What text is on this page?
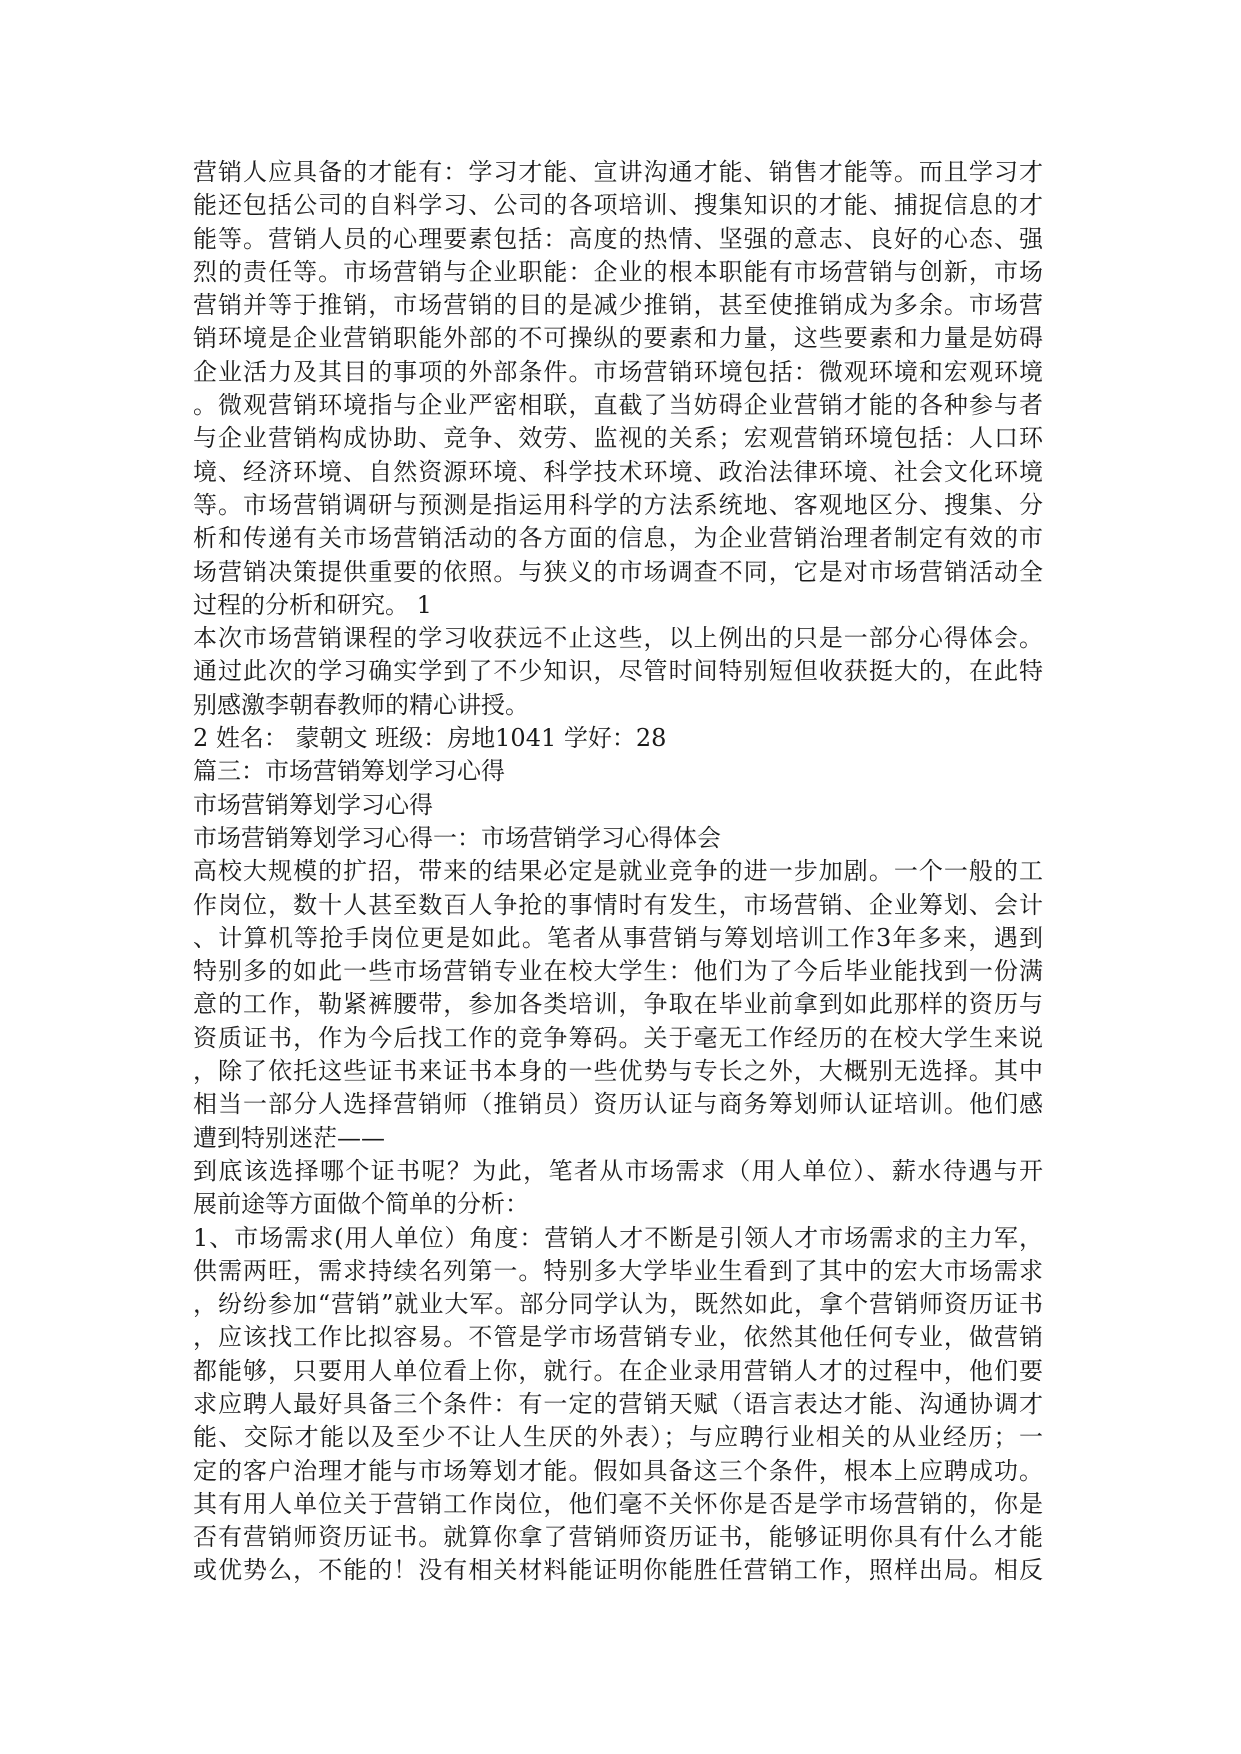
营销人应具备的才能有：学习才能、宣讲沟通才能、销售才能等。而且学习才
能还包括公司的自料学习、公司的各项培训、搜集知识的才能、捕捉信息的才
能等。营销人员的心理要素包括：高度的热情、坚强的意志、良好的心态、强
烈的责任等。市场营销与企业职能：企业的根本职能有市场营销与创新，市场
营销并等于推销，市场营销的目的是减少推销，甚至使推销成为多余。市场营
销环境是企业营销职能外部的不可操纵的要素和力量，这些要素和力量是妨碍
企业活力及其目的事项的外部条件。市场营销环境包括：微观环境和宏观环境
。微观营销环境指与企业严密相联，直截了当妨碍企业营销才能的各种参与者
与企业营销构成协助、竞争、效劳、监视的关系；宏观营销环境包括：人口环
境、经济环境、自然资源环境、科学技术环境、政治法律环境、社会文化环境
等。市场营销调研与预测是指运用科学的方法系统地、客观地区分、搜集、分
析和传递有关市场营销活动的各方面的信息，为企业营销治理者制定有效的市
场营销决策提供重要的依照。与狭义的市场调查不同，它是对市场营销活动全
过程的分析和研究。 1
本次市场营销课程的学习收获远不止这些，以上例出的只是一部分心得体会。
通过此次的学习确实学到了不少知识，尽管时间特别短但收获挺大的，在此特
别感激李朝春教师的精心讲授。
2 姓名： 蒙朝文 班级：房地1041 学好：28
篇三：市场营销筹划学习心得
市场营销筹划学习心得
市场营销筹划学习心得一：市场营销学习心得体会
高校大规模的扩招，带来的结果必定是就业竞争的进一步加剧。一个一般的工
作岗位，数十人甚至数百人争抢的事情时有发生，市场营销、企业筹划、会计
、计算机等抢手岗位更是如此。笔者从事营销与筹划培训工作3年多来，遇到
特别多的如此一些市场营销专业在校大学生：他们为了今后毕业能找到一份满
意的工作，勒紧裤腰带，参加各类培训，争取在毕业前拿到如此那样的资历与
资质证书，作为今后找工作的竞争筹码。关于毫无工作经历的在校大学生来说
，除了依托这些证书来证书本身的一些优势与专长之外，大概别无选择。其中
相当一部分人选择营销师（推销员）资历认证与商务筹划师认证培训。他们感
遭到特别迷茫——
到底该选择哪个证书呢？为此，笔者从市场需求（用人单位）、薪水待遇与开
展前途等方面做个简单的分析：
1、市场需求(用人单位）角度：营销人才不断是引领人才市场需求的主力军，
供需两旺，需求持续名列第一。特别多大学毕业生看到了其中的宏大市场需求
，纷纷参加“营销”就业大军。部分同学认为，既然如此，拿个营销师资历证书
，应该找工作比拟容易。不管是学市场营销专业，依然其他任何专业，做营销
都能够，只要用人单位看上你，就行。在企业录用营销人才的过程中，他们要
求应聘人最好具备三个条件：有一定的营销天赋（语言表达才能、沟通协调才
能、交际才能以及至少不让人生厌的外表）；与应聘行业相关的从业经历；一
定的客户治理才能与市场筹划才能。假如具备这三个条件，根本上应聘成功。
其有用人单位关于营销工作岗位，他们毫不关怀你是否是学市场营销的，你是
否有营销师资历证书。就算你拿了营销师资历证书，能够证明你具有什么才能
或优势么，不能的！没有相关材料能证明你能胜任营销工作，照样出局。相反
